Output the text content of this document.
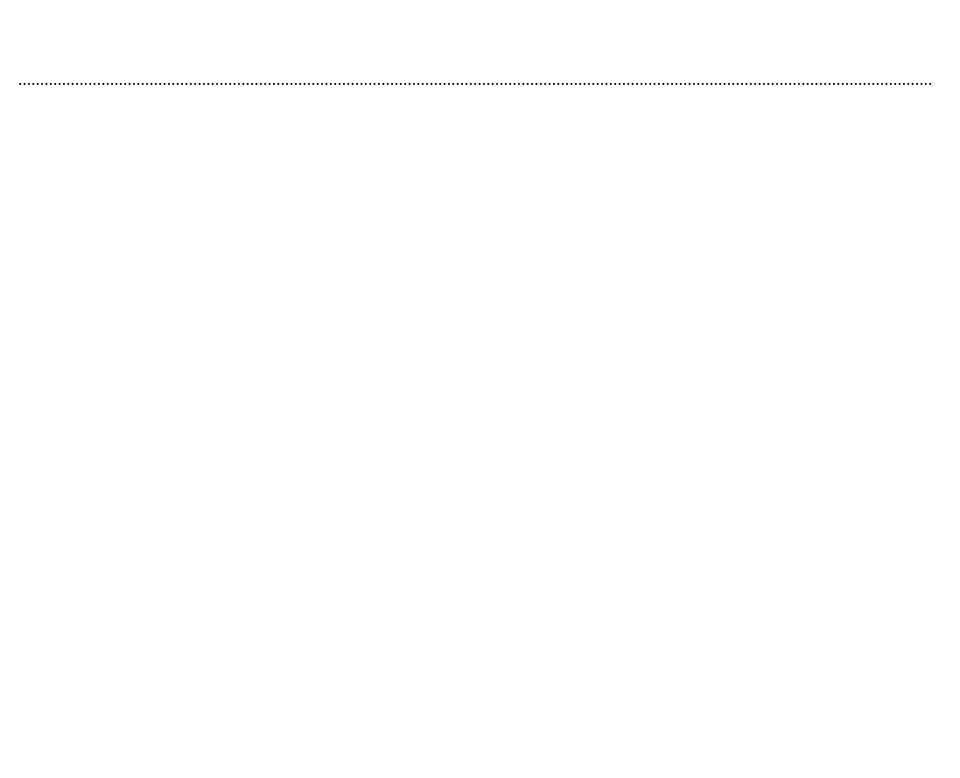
.....
